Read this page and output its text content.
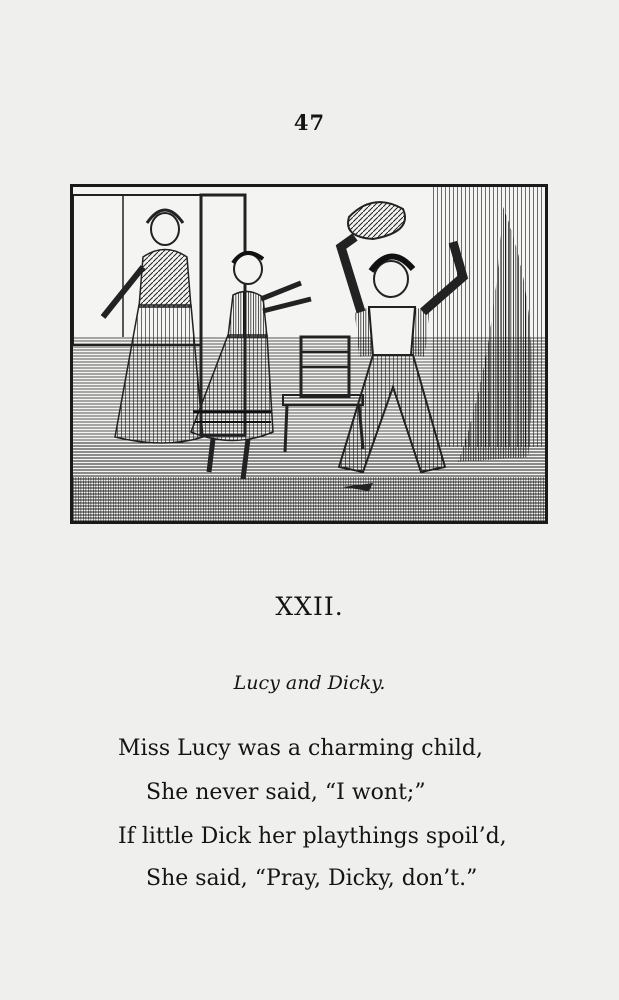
47
XXII.
Lucy and Dicky.
Miss Lucy was a charming child,
She never said, “I wont;”
If little Dick her playthings spoil’d,
She said, “Pray, Dicky, don’t.”
